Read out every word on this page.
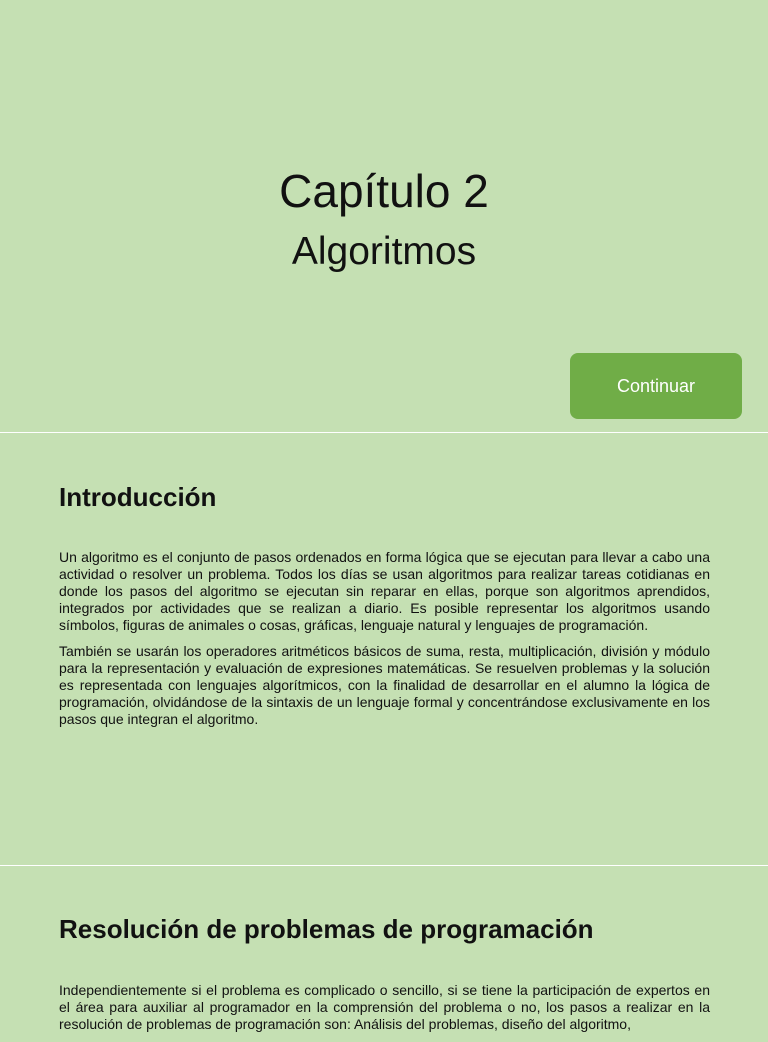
Capítulo 2
Algoritmos
Continuar
Introducción

Un algoritmo es el conjunto de pasos ordenados en forma lógica que se ejecutan para llevar a cabo una actividad o resolver un problema. Todos los días se usan algoritmos para realizar tareas cotidianas en donde los pasos del algoritmo se ejecutan sin reparar en ellas, porque son algoritmos aprendidos, integrados por actividades que se realizan a diario. Es posible representar los algoritmos usando símbolos, figuras de animales o cosas, gráficas, lenguaje natural y lenguajes de programación.

También se usarán los operadores aritméticos básicos de suma, resta, multiplicación, división y módulo para la representación y evaluación de expresiones matemáticas. Se resuelven problemas y la solución es representada con lenguajes algorítmicos, con la finalidad de desarrollar en el alumno la lógica de programación, olvidándose de la sintaxis de un lenguaje formal y concentrándose exclusivamente en los pasos que integran el algoritmo.

Resolución de problemas de programación

Independientemente si el problema es complicado o sencillo, si se tiene la participación de expertos en el área para auxiliar al programador en la comprensión del problema o no, los pasos a realizar en la resolución de problemas de programación son: Análisis del problemas, diseño del algoritmo,
